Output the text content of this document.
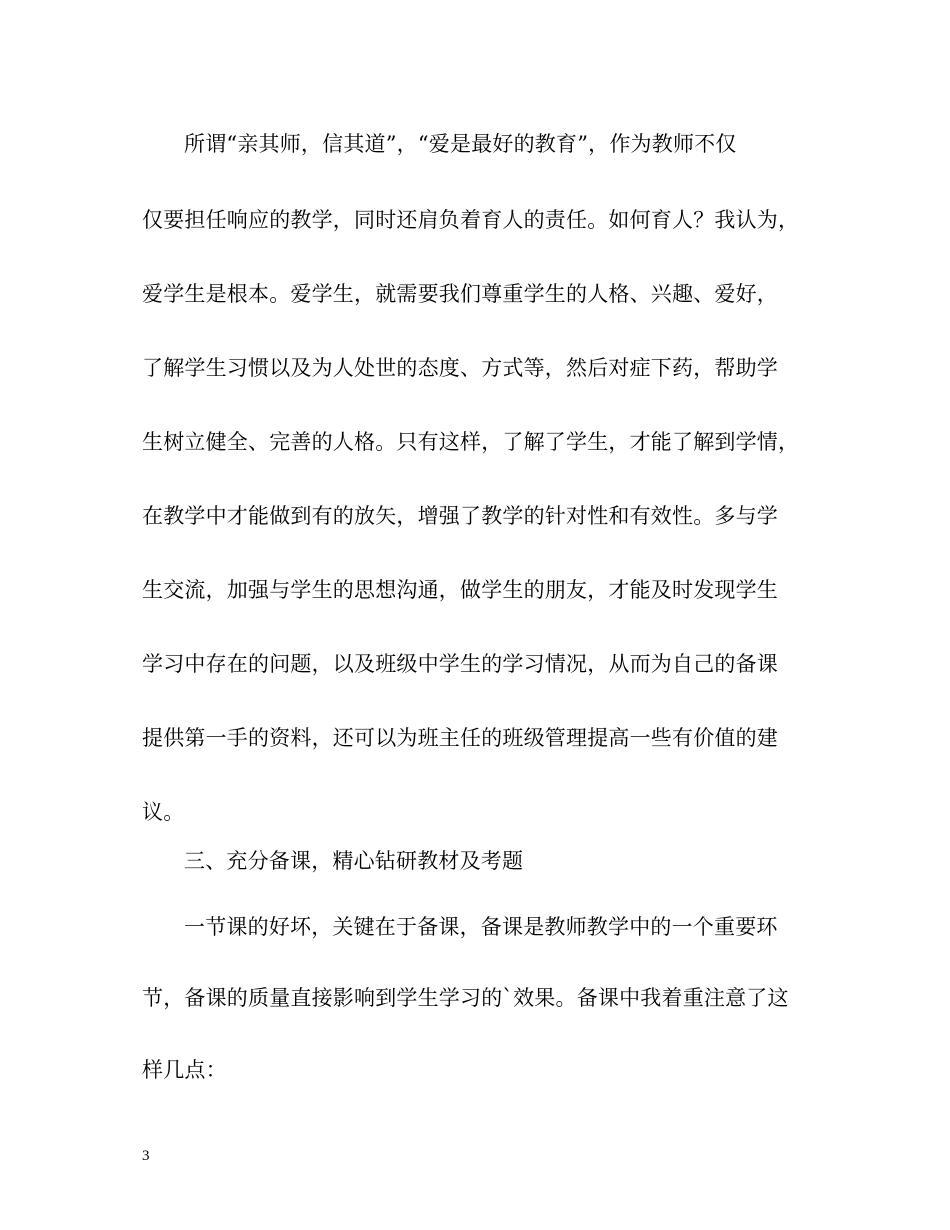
所谓“亲其师，信其道”，“爱是最好的教育”，作为教师不仅
仅要担任响应的教学，同时还肩负着育人的责任。如何育人？我认为，
爱学生是根本。爱学生，就需要我们尊重学生的人格、兴趣、爱好，
了解学生习惯以及为人处世的态度、方式等，然后对症下药，帮助学
生树立健全、完善的人格。只有这样，了解了学生，才能了解到学情，
在教学中才能做到有的放矢，增强了教学的针对性和有效性。多与学
生交流，加强与学生的思想沟通，做学生的朋友，才能及时发现学生
学习中存在的问题，以及班级中学生的学习情况，从而为自己的备课
提供第一手的资料，还可以为班主任的班级管理提高一些有价值的建
议。
三、充分备课，精心钻研教材及考题
一节课的好坏，关键在于备课，备课是教师教学中的一个重要环
节，备课的质量直接影响到学生学习的`效果。备课中我着重注意了这
样几点：
3
